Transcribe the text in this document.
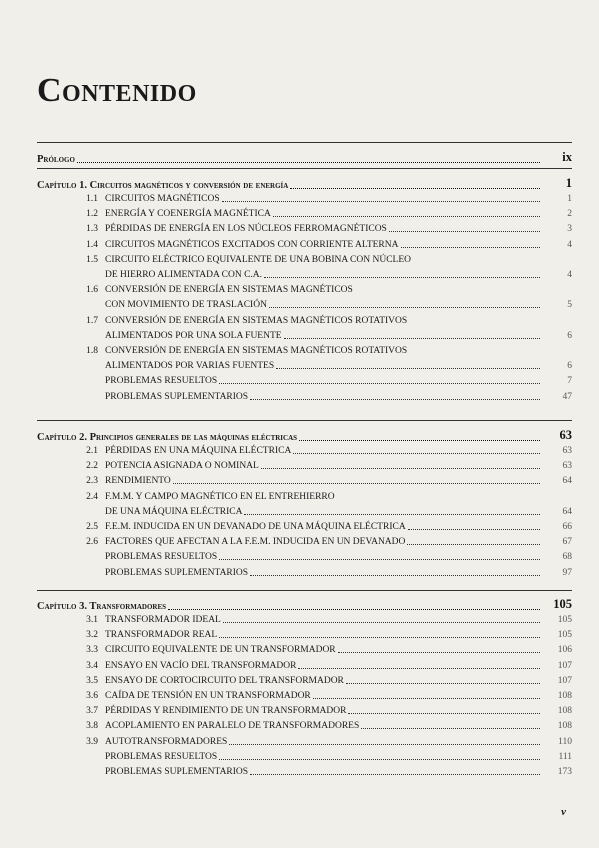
Contenido
v
Prólogo	ix
Capítulo 1. Circuitos magnéticos y conversión de energía	1
1.1 CIRCUITOS MAGNÉTICOS	1
1.2 ENERGÍA Y COENERGÍA MAGNÉTICA	2
1.3 PÉRDIDAS DE ENERGÍA EN LOS NÚCLEOS FERROMAGNÉTICOS	3
1.4 CIRCUITOS MAGNÉTICOS EXCITADOS CON CORRIENTE ALTERNA	4
1.5 CIRCUITO ELÉCTRICO EQUIVALENTE DE UNA BOBINA CON NÚCLEO
DE HIERRO ALIMENTADA CON C.A.	4
1.6 CONVERSIÓN DE ENERGÍA EN SISTEMAS MAGNÉTICOS
CON MOVIMIENTO DE TRASLACIÓN	5
1.7 CONVERSIÓN DE ENERGÍA EN SISTEMAS MAGNÉTICOS ROTATIVOS
ALIMENTADOS POR UNA SOLA FUENTE	6
1.8 CONVERSIÓN DE ENERGÍA EN SISTEMAS MAGNÉTICOS ROTATIVOS
ALIMENTADOS POR VARIAS FUENTES	6
PROBLEMAS RESUELTOS	7
PROBLEMAS SUPLEMENTARIOS	47
Capítulo 2. Principios generales de las máquinas eléctricas	63
2.1 PÉRDIDAS EN UNA MÁQUINA ELÉCTRICA	63
2.2 POTENCIA ASIGNADA O NOMINAL	63
2.3 RENDIMIENTO	64
2.4 F.M.M. Y CAMPO MAGNÉTICO EN EL ENTREHIERRO
DE UNA MÁQUINA ELÉCTRICA	64
2.5 F.E.M. INDUCIDA EN UN DEVANADO DE UNA MÁQUINA ELÉCTRICA	66
2.6 FACTORES QUE AFECTAN A LA F.E.M. INDUCIDA EN UN DEVANADO	67
PROBLEMAS RESUELTOS	68
PROBLEMAS SUPLEMENTARIOS	97
Capítulo 3. Transformadores	105
3.1 TRANSFORMADOR IDEAL	105
3.2 TRANSFORMADOR REAL	105
3.3 CIRCUITO EQUIVALENTE DE UN TRANSFORMADOR	106
3.4 ENSAYO EN VACÍO DEL TRANSFORMADOR	107
3.5 ENSAYO DE CORTOCIRCUITO DEL TRANSFORMADOR	107
3.6 CAÍDA DE TENSIÓN EN UN TRANSFORMADOR	108
3.7 PÉRDIDAS Y RENDIMIENTO DE UN TRANSFORMADOR	108
3.8 ACOPLAMIENTO EN PARALELO DE TRANSFORMADORES	108
3.9 AUTOTRANSFORMADORES	110
PROBLEMAS RESUELTOS	111
PROBLEMAS SUPLEMENTARIOS	173
